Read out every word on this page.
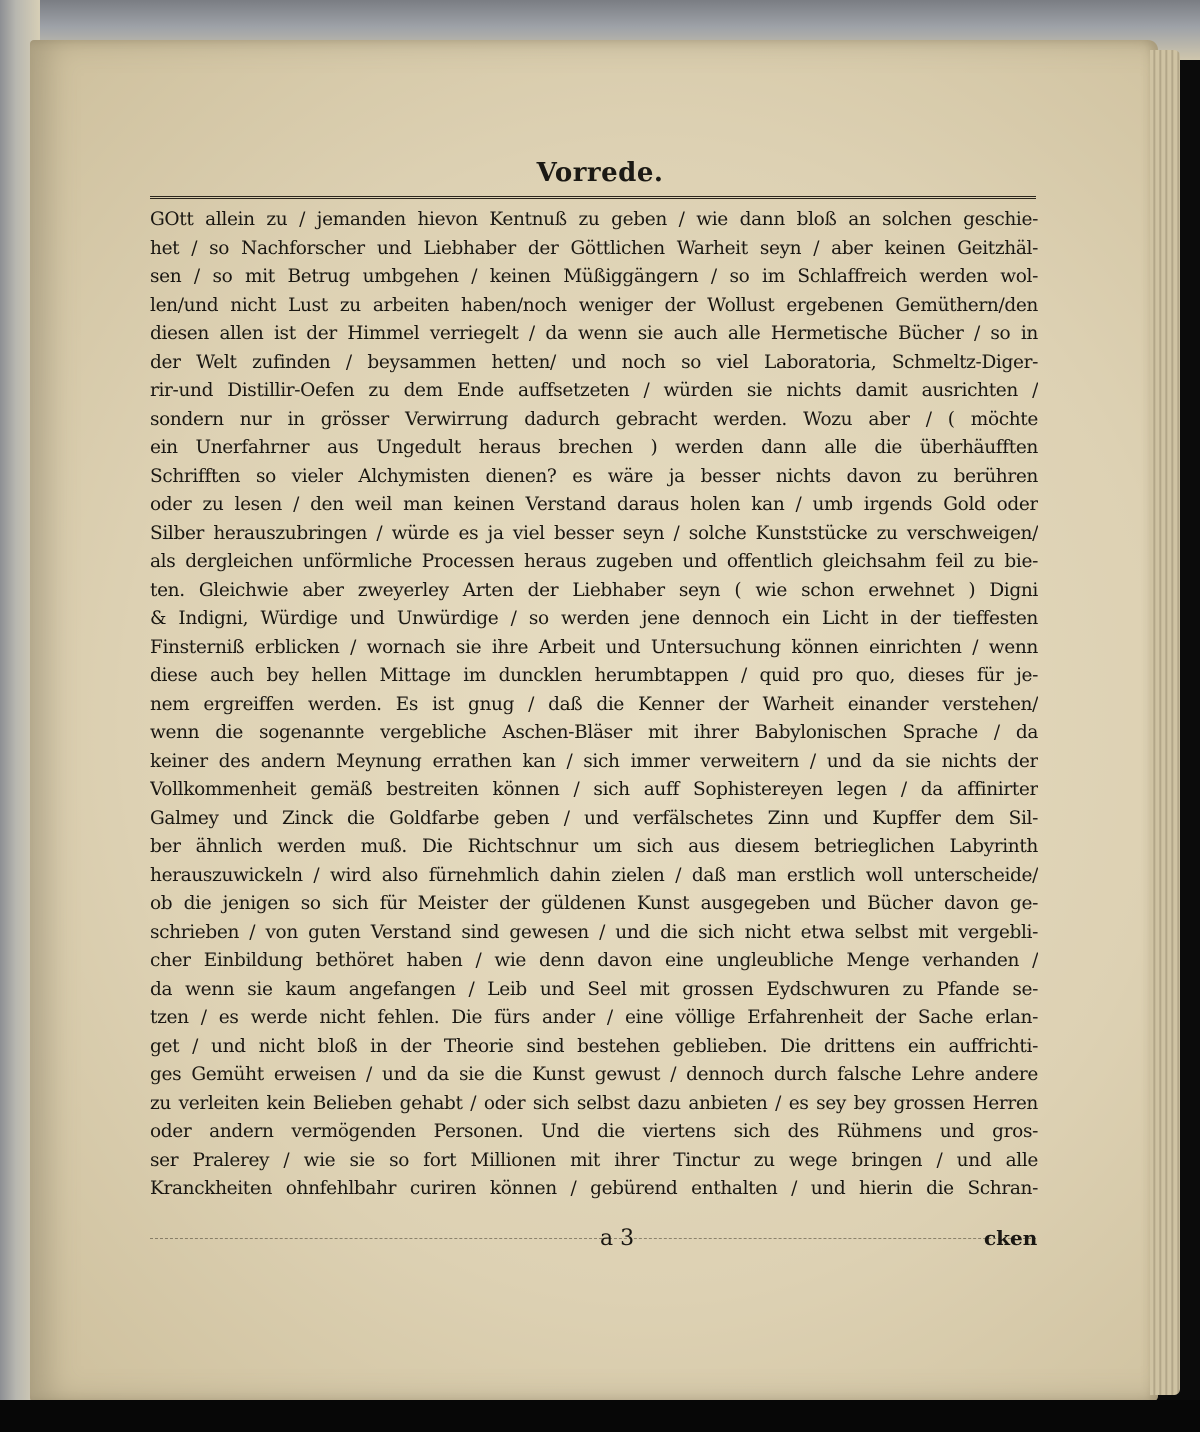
Vorrede.
GOtt allein zu / jemanden hievon Kentnuß zu geben / wie dann bloß an solchen geschie-
het / so Nachforscher und Liebhaber der Göttlichen Warheit seyn / aber keinen Geitzhäl-
sen / so mit Betrug umbgehen / keinen Müßiggängern / so im Schlaffreich werden wol-
len/und nicht Lust zu arbeiten haben/noch weniger der Wollust ergebenen Gemüthern/den
diesen allen ist der Himmel verriegelt / da wenn sie auch alle Hermetische Bücher / so in
der Welt zufinden / beysammen hetten/ und noch so viel Laboratoria, Schmeltz-Diger-
rir-und Distillir-Oefen zu dem Ende auffsetzeten / würden sie nichts damit ausrichten /
sondern nur in grösser Verwirrung dadurch gebracht werden. Wozu aber / ( möchte
ein Unerfahrner aus Ungedult heraus brechen ) werden dann alle die überhäufften
Schrifften so vieler Alchymisten dienen? es wäre ja besser nichts davon zu berühren
oder zu lesen / den weil man keinen Verstand daraus holen kan / umb irgends Gold oder
Silber herauszubringen / würde es ja viel besser seyn / solche Kunststücke zu verschweigen/
als dergleichen unförmliche Processen heraus zugeben und offentlich gleichsahm feil zu bie-
ten. Gleichwie aber zweyerley Arten der Liebhaber seyn ( wie schon erwehnet ) Digni
& Indigni, Würdige und Unwürdige / so werden jene dennoch ein Licht in der tieffesten
Finsterniß erblicken / wornach sie ihre Arbeit und Untersuchung können einrichten / wenn
diese auch bey hellen Mittage im duncklen herumbtappen / quid pro quo, dieses für je-
nem ergreiffen werden. Es ist gnug / daß die Kenner der Warheit einander verstehen/
wenn die sogenannte vergebliche Aschen-Bläser mit ihrer Babylonischen Sprache / da
keiner des andern Meynung errathen kan / sich immer verweitern / und da sie nichts der
Vollkommenheit gemäß bestreiten können / sich auff Sophistereyen legen / da affinirter
Galmey und Zinck die Goldfarbe geben / und verfälschetes Zinn und Kupffer dem Sil-
ber ähnlich werden muß. Die Richtschnur um sich aus diesem betrieglichen Labyrinth
herauszuwickeln / wird also fürnehmlich dahin zielen / daß man erstlich woll unterscheide/
ob die jenigen so sich für Meister der güldenen Kunst ausgegeben und Bücher davon ge-
schrieben / von guten Verstand sind gewesen / und die sich nicht etwa selbst mit vergebli-
cher Einbildung bethöret haben / wie denn davon eine ungleubliche Menge verhanden /
da wenn sie kaum angefangen / Leib und Seel mit grossen Eydschwuren zu Pfande se-
tzen / es werde nicht fehlen. Die fürs ander / eine völlige Erfahrenheit der Sache erlan-
get / und nicht bloß in der Theorie sind bestehen geblieben. Die drittens ein auffrichti-
ges Gemüht erweisen / und da sie die Kunst gewust / dennoch durch falsche Lehre andere
zu verleiten kein Belieben gehabt / oder sich selbst dazu anbieten / es sey bey grossen Herren
oder andern vermögenden Personen. Und die viertens sich des Rühmens und gros-
ser Pralerey / wie sie so fort Millionen mit ihrer Tinctur zu wege bringen / und alle
Kranckheiten ohnfehlbahr curiren können / gebürend enthalten / und hierin die Schran-
a 3	cken
